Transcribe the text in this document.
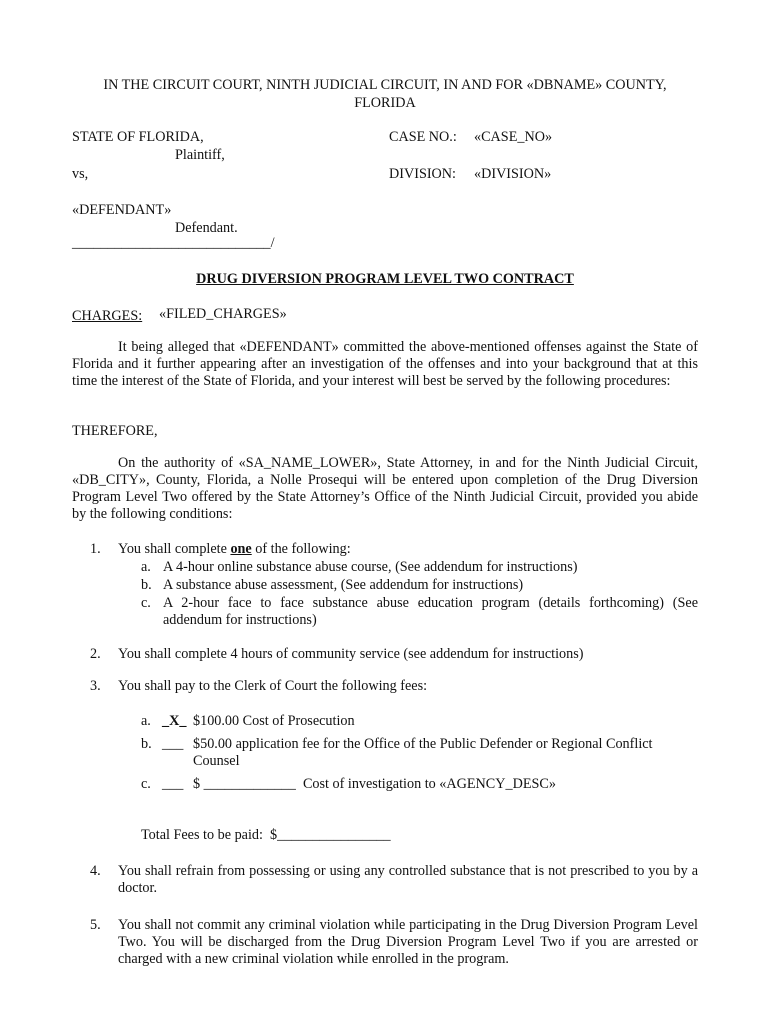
IN THE CIRCUIT COURT, NINTH JUDICIAL CIRCUIT, IN AND FOR «DBNAME» COUNTY,
FLORIDA
STATE OF FLORIDA,
Plaintiff,
vs,
«DEFENDANT»
Defendant.
____________________________/
CASE NO.: «CASE_NO»
DIVISION: «DIVISION»
DRUG DIVERSION PROGRAM LEVEL TWO CONTRACT
CHARGES: «FILED_CHARGES»
It being alleged that «DEFENDANT» committed the above-mentioned offenses against the State of Florida and it further appearing after an investigation of the offenses and into your background that at this time the interest of the State of Florida, and your interest will best be served by the following procedures:
THEREFORE,
On the authority of «SA_NAME_LOWER», State Attorney, in and for the Ninth Judicial Circuit, «DB_CITY», County, Florida, a Nolle Prosequi will be entered upon completion of the Drug Diversion Program Level Two offered by the State Attorney’s Office of the Ninth Judicial Circuit, provided you abide by the following conditions:
1. You shall complete one of the following:
a. A 4-hour online substance abuse course, (See addendum for instructions)
b. A substance abuse assessment, (See addendum for instructions)
c. A 2-hour face to face substance abuse education program (details forthcoming) (See addendum for instructions)
2. You shall complete 4 hours of community service (see addendum for instructions)
3. You shall pay to the Clerk of Court the following fees:
a. _X_ $100.00 Cost of Prosecution
b. ___ $50.00 application fee for the Office of the Public Defender or Regional Conflict Counsel
c. ___ $ _____________  Cost of investigation to «AGENCY_DESC»
Total Fees to be paid:  $________________
4. You shall refrain from possessing or using any controlled substance that is not prescribed to you by a doctor.
5. You shall not commit any criminal violation while participating in the Drug Diversion Program Level Two. You will be discharged from the Drug Diversion Program Level Two if you are arrested or charged with a new criminal violation while enrolled in the program.
